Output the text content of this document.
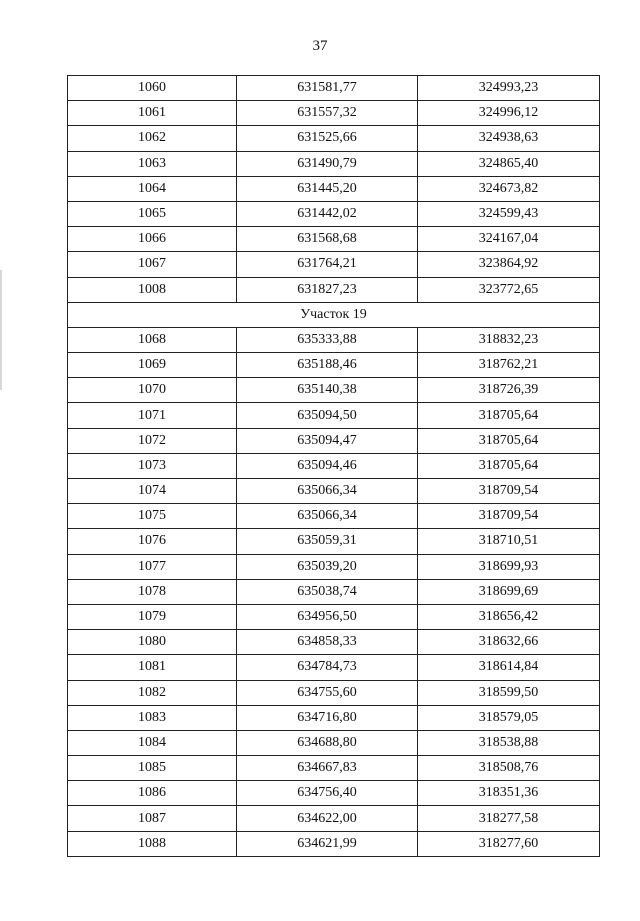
37
1060	631581,77	324993,23
1061	631557,32	324996,12
1062	631525,66	324938,63
1063	631490,79	324865,40
1064	631445,20	324673,82
1065	631442,02	324599,43
1066	631568,68	324167,04
1067	631764,21	323864,92
1008	631827,23	323772,65
Участок 19		
1068	635333,88	318832,23
1069	635188,46	318762,21
1070	635140,38	318726,39
1071	635094,50	318705,64
1072	635094,47	318705,64
1073	635094,46	318705,64
1074	635066,34	318709,54
1075	635066,34	318709,54
1076	635059,31	318710,51
1077	635039,20	318699,93
1078	635038,74	318699,69
1079	634956,50	318656,42
1080	634858,33	318632,66
1081	634784,73	318614,84
1082	634755,60	318599,50
1083	634716,80	318579,05
1084	634688,80	318538,88
1085	634667,83	318508,76
1086	634756,40	318351,36
1087	634622,00	318277,58
1088	634621,99	318277,60
